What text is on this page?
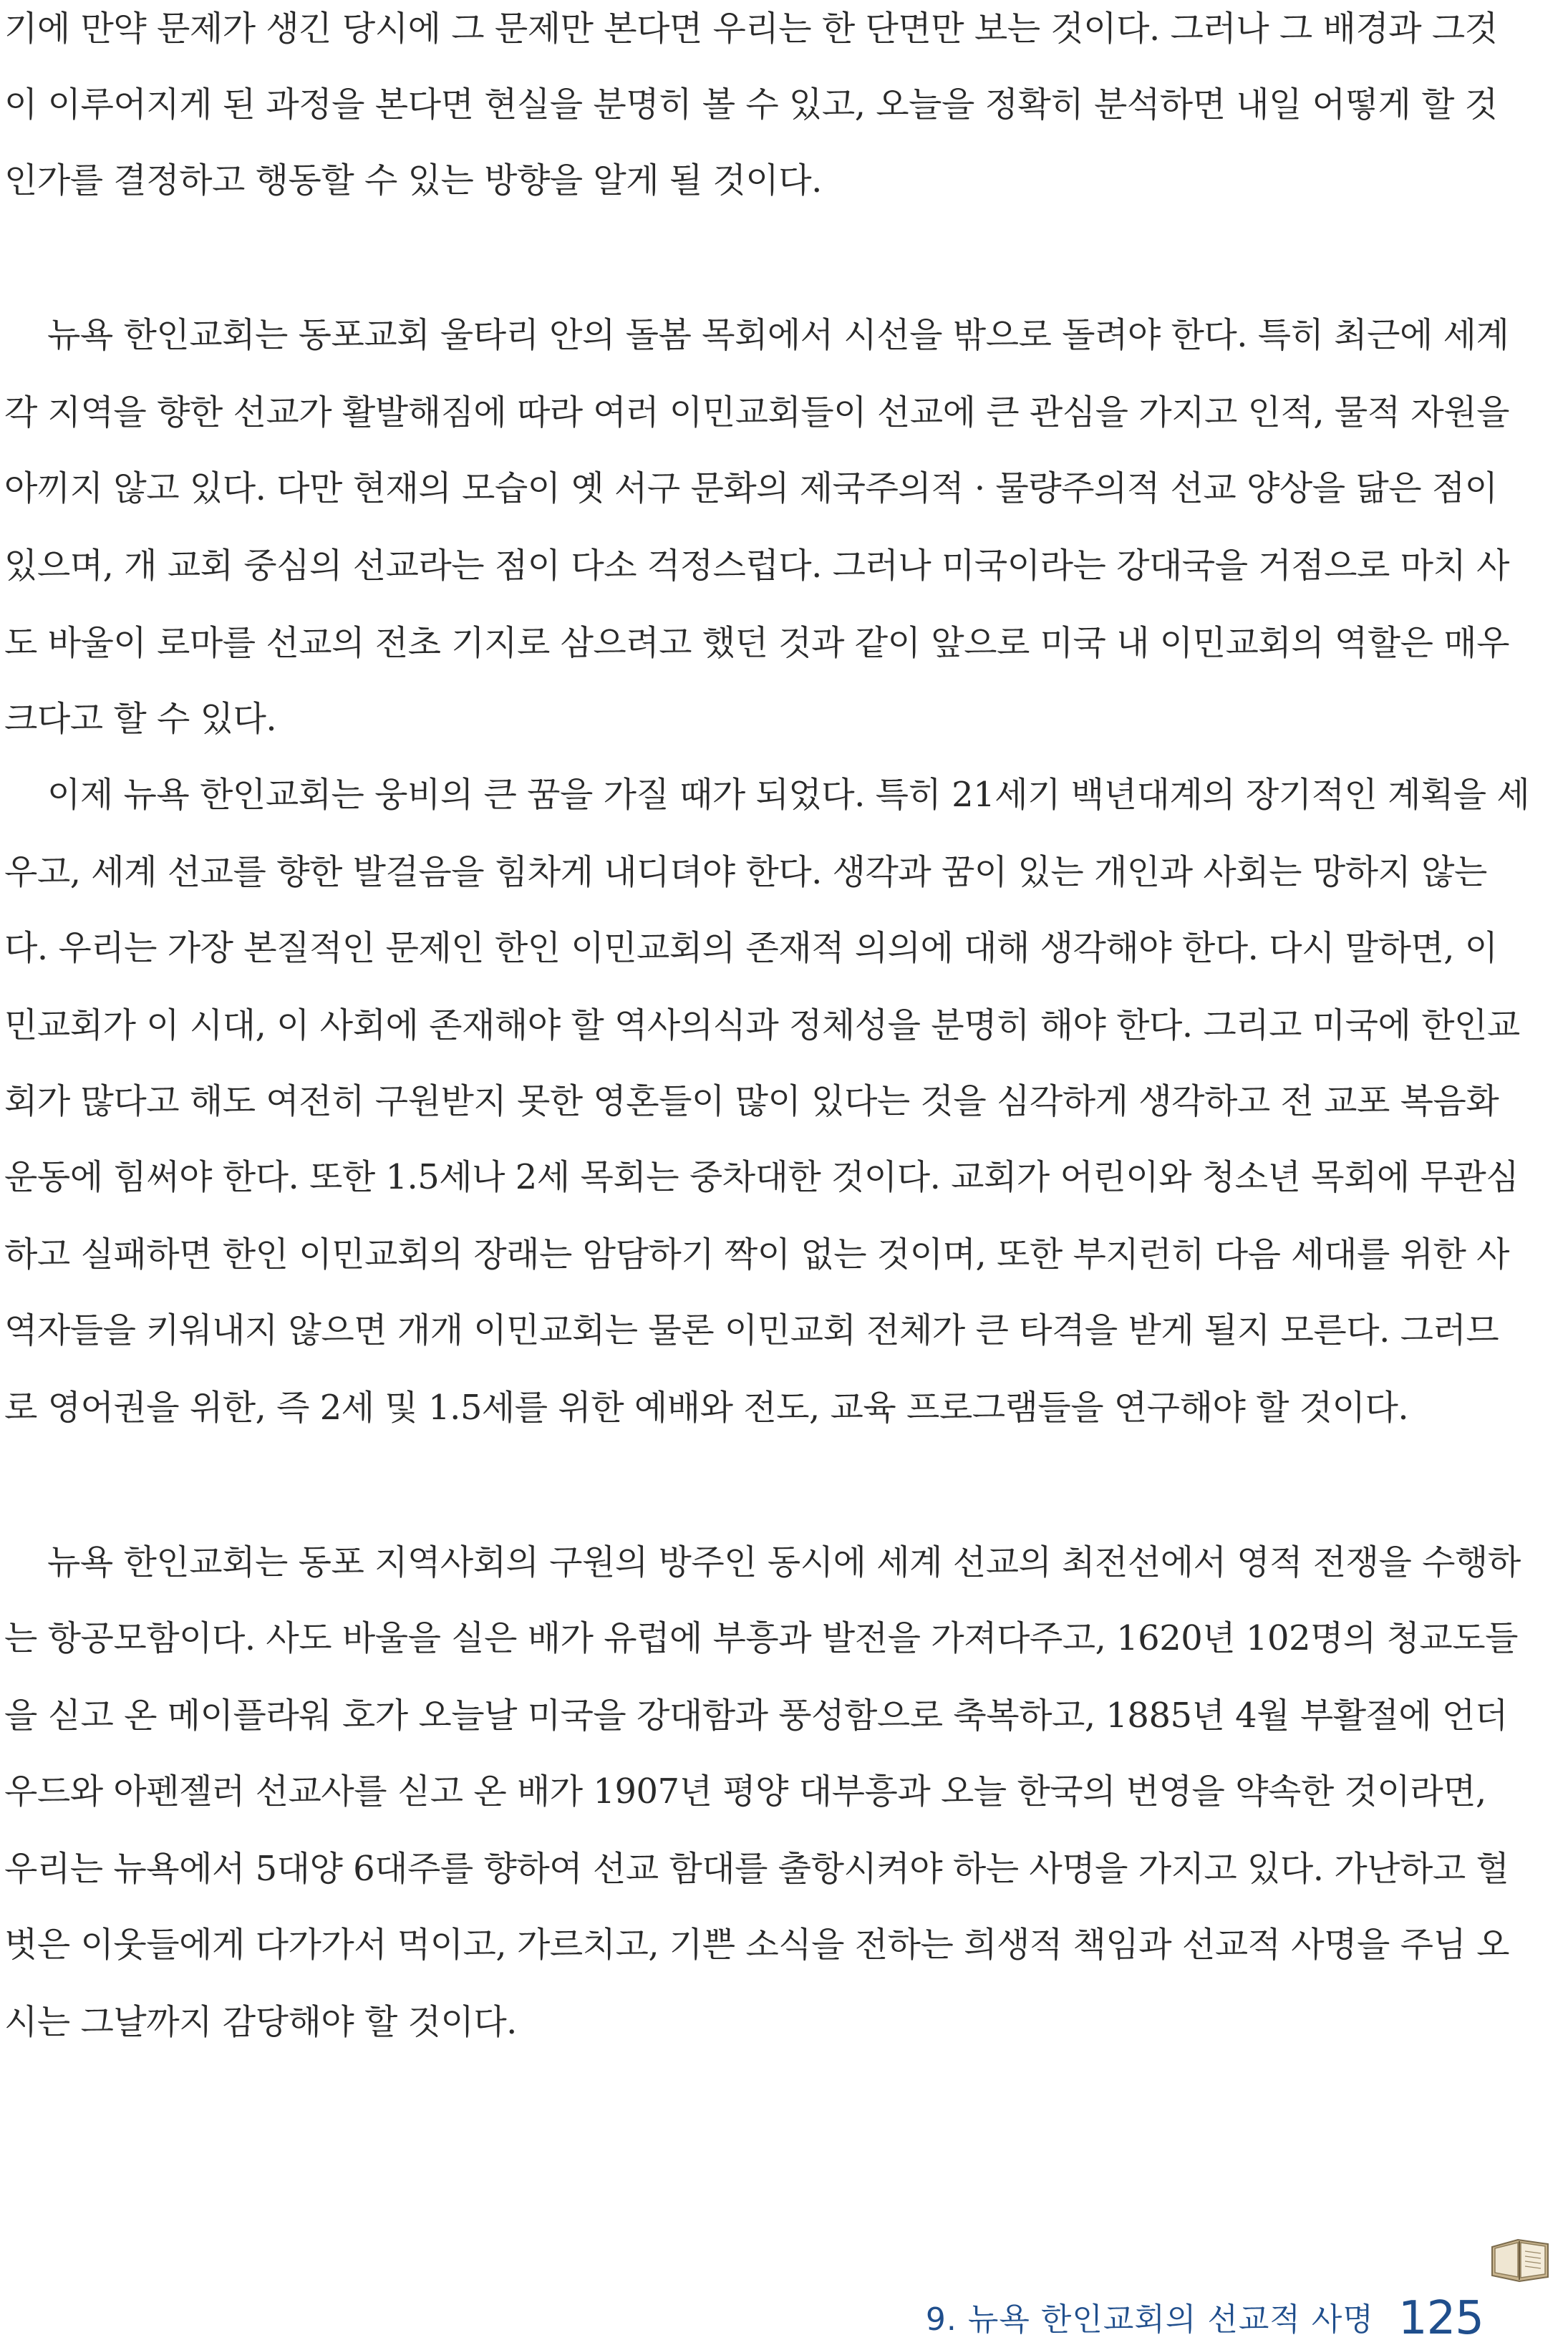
기에 만약 문제가 생긴 당시에 그 문제만 본다면 우리는 한 단면만 보는 것이다. 그러나 그 배경과 그것
이 이루어지게 된 과정을 본다면 현실을 분명히 볼 수 있고, 오늘을 정확히 분석하면 내일 어떻게 할 것
인가를 결정하고 행동할 수 있는 방향을 알게 될 것이다.
뉴욕 한인교회는 동포교회 울타리 안의 돌봄 목회에서 시선을 밖으로 돌려야 한다. 특히 최근에 세계
각 지역을 향한 선교가 활발해짐에 따라 여러 이민교회들이 선교에 큰 관심을 가지고 인적, 물적 자원을
아끼지 않고 있다. 다만 현재의 모습이 옛 서구 문화의 제국주의적 · 물량주의적 선교 양상을 닮은 점이
있으며, 개 교회 중심의 선교라는 점이 다소 걱정스럽다. 그러나 미국이라는 강대국을 거점으로 마치 사
도 바울이 로마를 선교의 전초 기지로 삼으려고 했던 것과 같이 앞으로 미국 내 이민교회의 역할은 매우
크다고 할 수 있다.
이제 뉴욕 한인교회는 웅비의 큰 꿈을 가질 때가 되었다. 특히 21세기 백년대계의 장기적인 계획을 세
우고, 세계 선교를 향한 발걸음을 힘차게 내디뎌야 한다. 생각과 꿈이 있는 개인과 사회는 망하지 않는
다. 우리는 가장 본질적인 문제인 한인 이민교회의 존재적 의의에 대해 생각해야 한다. 다시 말하면, 이
민교회가 이 시대, 이 사회에 존재해야 할 역사의식과 정체성을 분명히 해야 한다. 그리고 미국에 한인교
회가 많다고 해도 여전히 구원받지 못한 영혼들이 많이 있다는 것을 심각하게 생각하고 전 교포 복음화
운동에 힘써야 한다. 또한 1.5세나 2세 목회는 중차대한 것이다. 교회가 어린이와 청소년 목회에 무관심
하고 실패하면 한인 이민교회의 장래는 암담하기 짝이 없는 것이며, 또한 부지런히 다음 세대를 위한 사
역자들을 키워내지 않으면 개개 이민교회는 물론 이민교회 전체가 큰 타격을 받게 될지 모른다. 그러므
로 영어권을 위한, 즉 2세 및 1.5세를 위한 예배와 전도, 교육 프로그램들을 연구해야 할 것이다.
뉴욕 한인교회는 동포 지역사회의 구원의 방주인 동시에 세계 선교의 최전선에서 영적 전쟁을 수행하
는 항공모함이다. 사도 바울을 실은 배가 유럽에 부흥과 발전을 가져다주고, 1620년 102명의 청교도들
을 싣고 온 메이플라워 호가 오늘날 미국을 강대함과 풍성함으로 축복하고, 1885년 4월 부활절에 언더
우드와 아펜젤러 선교사를 싣고 온 배가 1907년 평양 대부흥과 오늘 한국의 번영을 약속한 것이라면,
우리는 뉴욕에서 5대양 6대주를 향하여 선교 함대를 출항시켜야 하는 사명을 가지고 있다. 가난하고 헐
벗은 이웃들에게 다가가서 먹이고, 가르치고, 기쁜 소식을 전하는 희생적 책임과 선교적 사명을 주님 오
시는 그날까지 감당해야 할 것이다.
9. 뉴욕 한인교회의 선교적 사명 125
